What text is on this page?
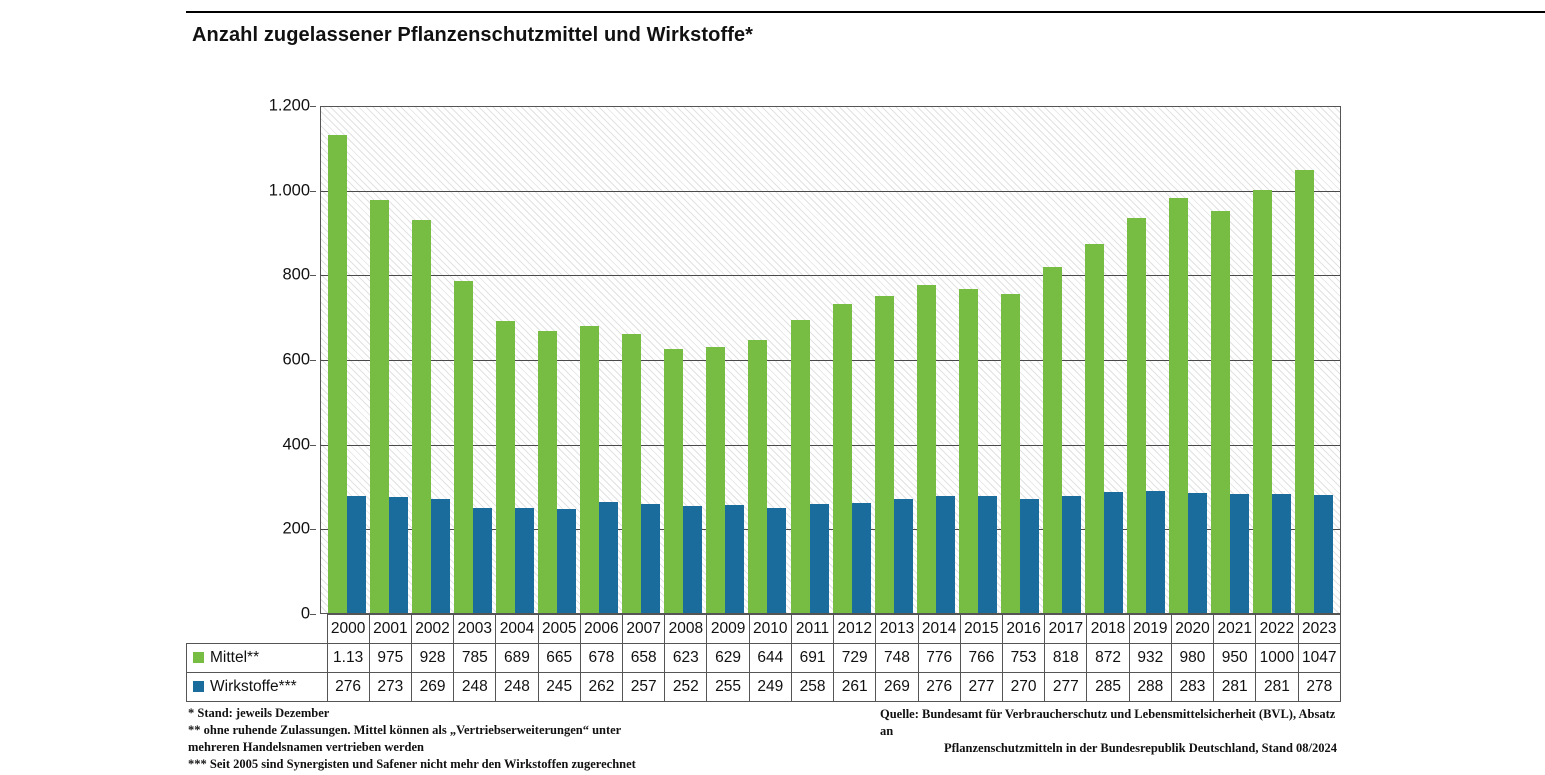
Anzahl zugelassener Pflanzenschutzmittel und Wirkstoffe*
0
200
400
600
800
1.000
1.200
	2000	2001	2002	2003	2004	2005	2006	2007	2008	2009	2010	2011	2012	2013	2014	2015	2016	2017	2018	2019	2020	2021	2022	2023
Mittel**	1.13	975	928	785	689	665	678	658	623	629	644	691	729	748	776	766	753	818	872	932	980	950	1000	1047
Wirkstoffe***	276	273	269	248	248	245	262	257	252	255	249	258	261	269	276	277	270	277	285	288	283	281	281	278
* Stand: jeweils Dezember
** ohne ruhende Zulassungen. Mittel können als „Vertriebserweiterungen“ unter
mehreren Handelsnamen vertrieben werden
*** Seit 2005 sind Synergisten und Safener nicht mehr den Wirkstoffen zugerechnet
Quelle: Bundesamt für Verbraucherschutz und Lebensmittelsicherheit (BVL), Absatz an
Pflanzenschutzmitteln in der Bundesrepublik Deutschland, Stand 08/2024
